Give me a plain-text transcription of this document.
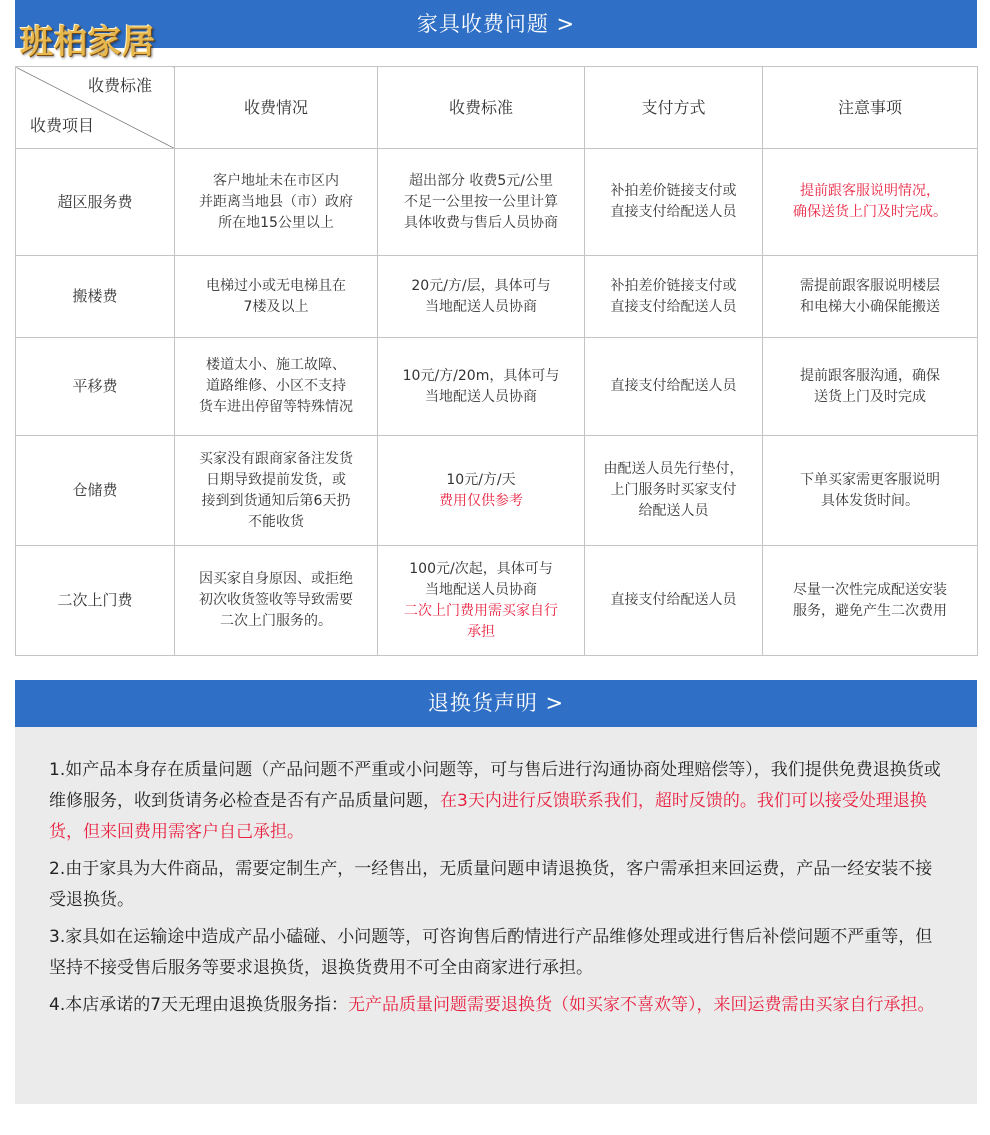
家具收费问题 >
班柏家居
收费标准
收费项目	收费情况	收费标准	支付方式	注意事项
超区服务费	客户地址未在市区内
并距离当地县（市）政府
所在地15公里以上	超出部分 收费5元/公里
不足一公里按一公里计算
具体收费与售后人员协商	补拍差价链接支付或
直接支付给配送人员	提前跟客服说明情况，
确保送货上门及时完成。
搬楼费	电梯过小或无电梯且在
7楼及以上	20元/方/层，具体可与
当地配送人员协商	补拍差价链接支付或
直接支付给配送人员	需提前跟客服说明楼层
和电梯大小确保能搬送
平移费	楼道太小、施工故障、
道路维修、小区不支持
货车进出停留等特殊情况	10元/方/20m，具体可与
当地配送人员协商	直接支付给配送人员	提前跟客服沟通，确保
送货上门及时完成
仓储费	买家没有跟商家备注发货
日期导致提前发货，或
接到到货通知后第6天扔
不能收货	10元/方/天
费用仅供参考	由配送人员先行垫付，
上门服务时买家支付
给配送人员	下单买家需更客服说明
具体发货时间。
二次上门费	因买家自身原因、或拒绝
初次收货签收等导致需要
二次上门服务的。	100元/次起，具体可与
当地配送人员协商
二次上门费用需买家自行
承担	直接支付给配送人员	尽量一次性完成配送安装
服务，避免产生二次费用
退换货声明 >

1.如产品本身存在质量问题（产品问题不严重或小问题等，可与售后进行沟通协商处理赔偿等），我们提供免费退换货或维修服务，收到货请务必检查是否有产品质量问题，在3天内进行反馈联系我们，超时反馈的。我们可以接受处理退换货，但来回费用需客户自己承担。

2.由于家具为大件商品，需要定制生产，一经售出，无质量问题申请退换货，客户需承担来回运费，产品一经安装不接受退换货。

3.家具如在运输途中造成产品小磕碰、小问题等，可咨询售后酌情进行产品维修处理或进行售后补偿问题不严重等，但坚持不接受售后服务等要求退换货，退换货费用不可全由商家进行承担。

4.本店承诺的7天无理由退换货服务指：无产品质量问题需要退换货（如买家不喜欢等），来回运费需由买家自行承担。
